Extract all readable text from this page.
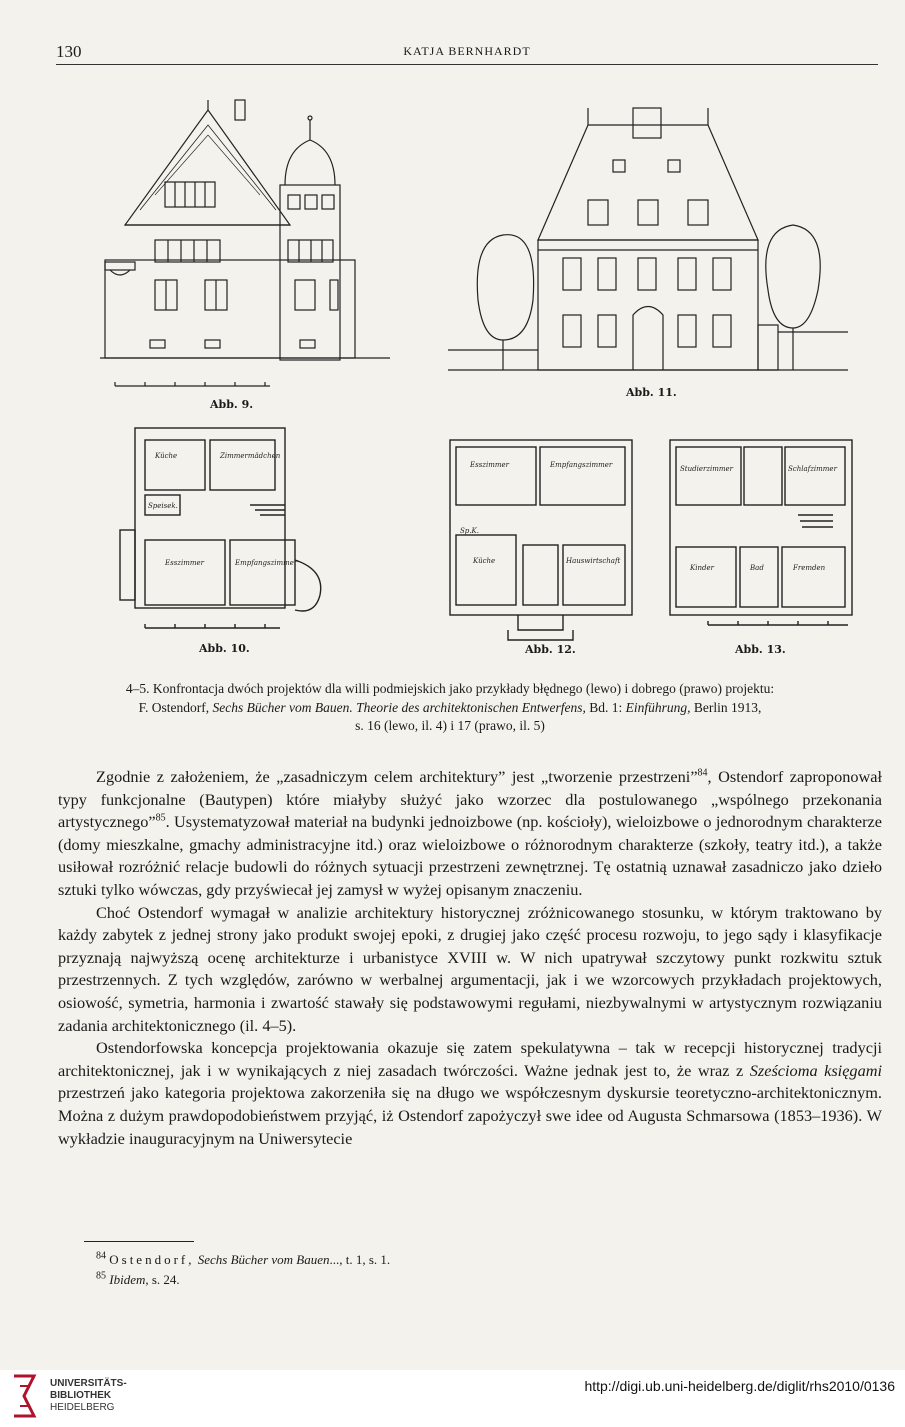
130	KATJA BERNHARDT
Abb. 9.
Abb. 11.
Küche	Zimmermädchen
Speisek.
Esszimmer	Empfangszimmer
Abb. 10.
Esszimmer	Empfangszimmer
Küche	Hauswirtschaft
Sp.K.
Abb. 12.
Studierzimmer	Schlafzimmer
Kinder	Bad	Fremden
Abb. 13.
4–5. Konfrontacja dwóch projektów dla willi podmiejskich jako przykłady błędnego (lewo) i dobrego (prawo) projektu:
F. Ostendorf, Sechs Bücher vom Bauen. Theorie des architektonischen Entwerfens, Bd. 1: Einführung, Berlin 1913,
s. 16 (lewo, il. 4) i 17 (prawo, il. 5)

Zgodnie z założeniem, że „zasadniczym celem architektury” jest „tworzenie przestrzeni”$^{84}$, Ostendorf zaproponował typy funkcjonalne (Bautypen) które miałyby służyć jako wzorzec dla postulowanego „wspólnego przekonania artystycznego”$^{85}$. Usystematyzował materiał na budynki jednoizbowe (np. kościoły), wieloizbowe o jednorodnym charakterze (domy mieszkalne, gmachy administracyjne itd.) oraz wieloizbowe o różnorodnym charakterze (szkoły, teatry itd.), a także usiłował rozróżnić relacje budowli do różnych sytuacji przestrzeni zewnętrznej. Tę ostatnią uznawał zasadniczo jako dzieło sztuki tylko wówczas, gdy przyświecał jej zamysł w wyżej opisanym znaczeniu.

Choć Ostendorf wymagał w analizie architektury historycznej zróżnicowanego stosunku, w którym traktowano by każdy zabytek z jednej strony jako produkt swojej epoki, z drugiej jako część procesu rozwoju, to jego sądy i klasyfikacje przyznają najwyższą ocenę architekturze i urbanistyce XVIII w. W nich upatrywał szczytowy punkt rozkwitu sztuk przestrzennych. Z tych względów, zarówno w werbalnej argumentacji, jak i we wzorcowych przykładach projektowych, osiowość, symetria, harmonia i zwartość stawały się podstawowymi regułami, niezbywalnymi w artystycznym rozwiązaniu zadania architektonicznego (il. 4–5).

Ostendorfowska koncepcja projektowania okazuje się zatem spekulatywna – tak w recepcji historycznej tradycji architektonicznej, jak i w wynikających z niej zasadach twórczości. Ważne jednak jest to, że wraz z Sześcioma księgami przestrzeń jako kategoria projektowa zakorzeniła się na długo we współczesnym dyskursie teoretyczno-architektonicznym. Można z dużym prawdopodobieństwem przyjąć, iż Ostendorf zapożyczył swe idee od Augusta Schmarsowa (1853–1936). W wykładzie inauguracyjnym na Uniwersytecie

$^{84}$ Ostendorf, Sechs Bücher vom Bauen..., t. 1, s. 1.
$^{85}$ Ibidem, s. 24.
UNIVERSITÄTS-
BIBLIOTHEK
HEIDELBERG
http://digi.ub.uni-heidelberg.de/diglit/rhs2010/0136
